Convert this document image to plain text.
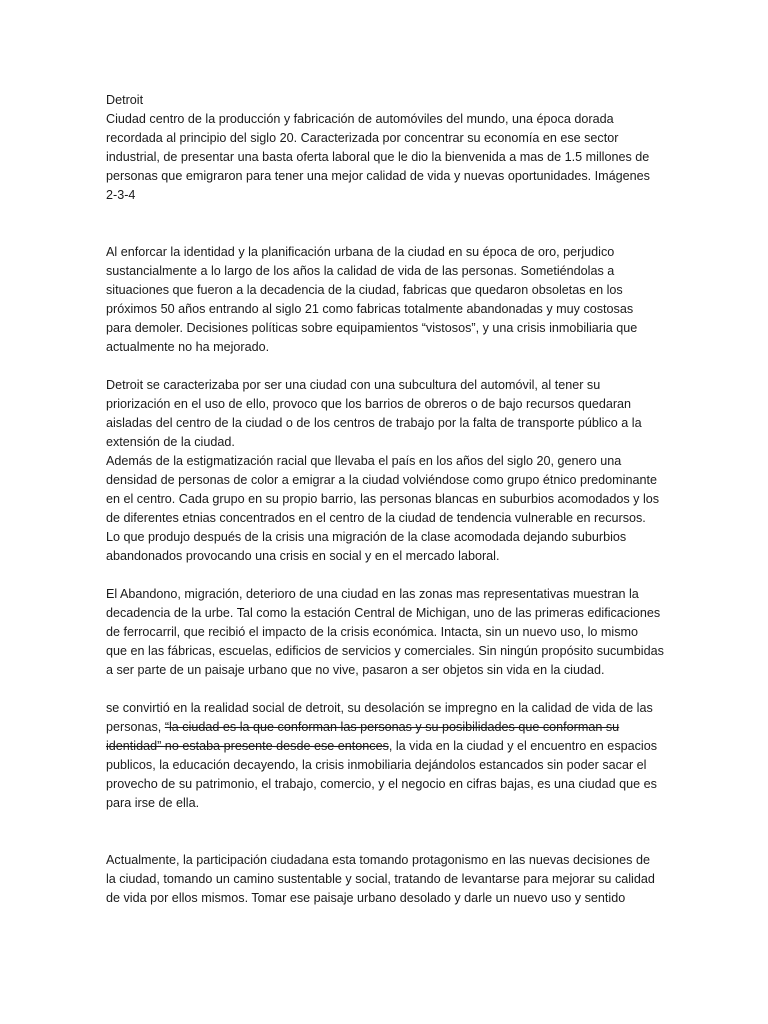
Detroit
Ciudad centro de la producción y fabricación de automóviles del mundo, una época dorada
recordada al principio del siglo 20. Caracterizada por concentrar su economía en ese sector
industrial, de presentar una basta oferta laboral que le dio la bienvenida a mas de 1.5 millones de
personas que emigraron para tener una mejor calidad de vida y nuevas oportunidades. Imágenes
2-3-4
Al enforcar la identidad y la planificación urbana de la ciudad en su época de oro, perjudico
sustancialmente a lo largo de los años la calidad de vida de las personas. Sometiéndolas a
situaciones que fueron a la decadencia de la ciudad, fabricas que quedaron obsoletas en los
próximos 50 años entrando al siglo 21 como fabricas totalmente abandonadas y muy costosas
para demoler. Decisiones políticas sobre equipamientos “vistosos”, y una crisis inmobiliaria que
actualmente no ha mejorado.
Detroit se caracterizaba por ser una ciudad con una subcultura del automóvil, al tener su
priorización en el uso de ello, provoco que los barrios de obreros o de bajo recursos quedaran
aisladas del centro de la ciudad o de los centros de trabajo por la falta de transporte público a la
extensión de la ciudad.
Además de la estigmatización racial que llevaba el país en los años del siglo 20, genero una
densidad de personas de color a emigrar a la ciudad volviéndose como grupo étnico predominante
en el centro. Cada grupo en su propio barrio, las personas blancas en suburbios acomodados y los
de diferentes etnias concentrados en el centro de la ciudad de tendencia vulnerable en recursos.
Lo que produjo después de la crisis una migración de la clase acomodada dejando suburbios
abandonados provocando una crisis en social y en el mercado laboral.
El Abandono, migración, deterioro de una ciudad en las zonas mas representativas muestran la
decadencia de la urbe. Tal como la estación Central de Michigan, uno de las primeras edificaciones
de ferrocarril, que recibió el impacto de la crisis económica. Intacta, sin un nuevo uso, lo mismo
que en las fábricas, escuelas, edificios de servicios y comerciales. Sin ningún propósito sucumbidas
a ser parte de un paisaje urbano que no vive, pasaron a ser objetos sin vida en la ciudad.
se convirtió en la realidad social de detroit, su desolación se impregno en la calidad de vida de las
personas, “la ciudad es la que conforman las personas y su posibilidades que conforman su
identidad” no estaba presente desde ese entonces, la vida en la ciudad y el encuentro en espacios
publicos, la educación decayendo, la crisis inmobiliaria dejándolos estancados sin poder sacar el
provecho de su patrimonio, el trabajo, comercio, y el negocio en cifras bajas, es una ciudad que es
para irse de ella.
Actualmente, la participación ciudadana esta tomando protagonismo en las nuevas decisiones de
la ciudad, tomando un camino sustentable y social, tratando de levantarse para mejorar su calidad
de vida por ellos mismos. Tomar ese paisaje urbano desolado y darle un nuevo uso y sentido
